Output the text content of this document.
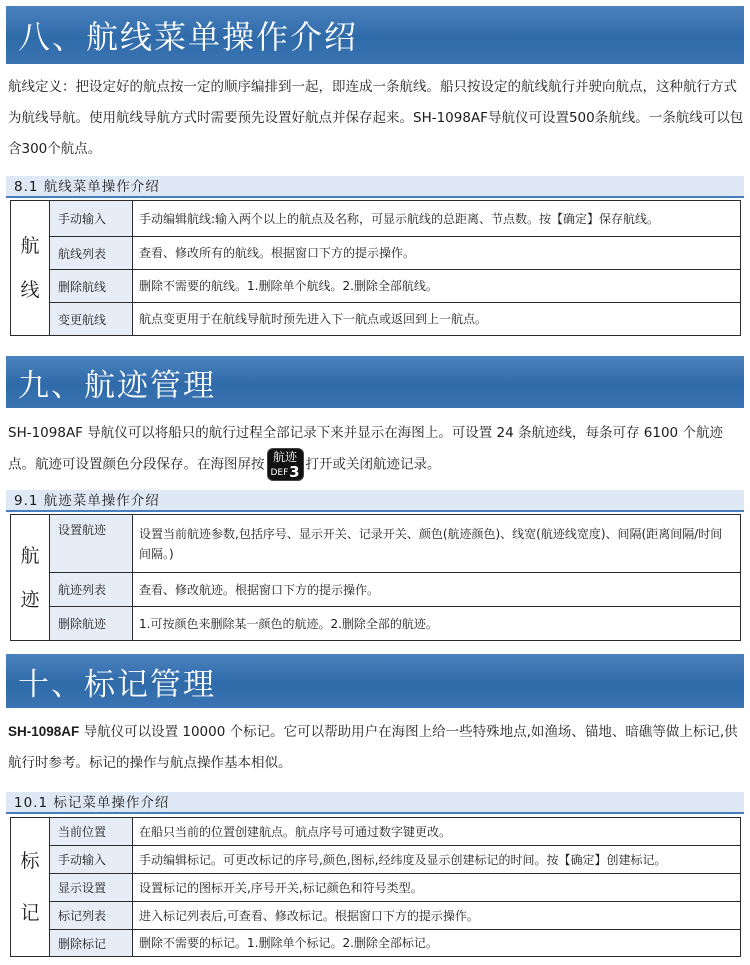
八、航线菜单操作介绍

航线定义：把设定好的航点按一定的顺序编排到一起，即连成一条航线。船只按设定的航线航行并驶向航点，这种航行方式为航线导航。使用航线导航方式时需要预先设置好航点并保存起来。SH-1098AF导航仪可设置500条航线。一条航线可以包含300个航点。

8.1 航线菜单操作介绍
航
线	手动输入	手动编辑航线:输入两个以上的航点及名称，可显示航线的总距离、节点数。按【确定】保存航线。
	航线列表	查看、修改所有的航线。根据窗口下方的提示操作。
	删除航线	删除不需要的航线。1.删除单个航线。2.删除全部航线。
	变更航线	航点变更用于在航线导航时预先进入下一航点或返回到上一航点。
九、航迹管理

SH-1098AF 导航仪可以将船只的航行过程全部记录下来并显示在海图上。可设置 24 条航迹线，每条可存 6100 个航迹点。航迹可设置颜色分段保存。在海图屏按 航迹
DEF 3 打开或关闭航迹记录。

9.1 航迹菜单操作介绍
航
迹	设置航迹	设置当前航迹参数,包括序号、显示开关、记录开关、颜色(航迹颜色)、线宽(航迹线宽度)、间隔(距离间隔/时间间隔。)
	航迹列表	查看、修改航迹。根据窗口下方的提示操作。
	删除航迹	1.可按颜色来删除某一颜色的航迹。2.删除全部的航迹。
十、标记管理

SH-1098AF 导航仪可以设置 10000 个标记。它可以帮助用户在海图上给一些特殊地点,如渔场、锚地、暗礁等做上标记,供航行时参考。标记的操作与航点操作基本相似。

10.1 标记菜单操作介绍
标
记	当前位置	在船只当前的位置创建航点。航点序号可通过数字键更改。
	手动输入	手动编辑标记。可更改标记的序号,颜色,图标,经纬度及显示创建标记的时间。按【确定】创建标记。
	显示设置	设置标记的图标开关,序号开关,标记颜色和符号类型。
	标记列表	进入标记列表后,可查看、修改标记。根据窗口下方的提示操作。
	删除标记	删除不需要的标记。1.删除单个标记。2.删除全部标记。
